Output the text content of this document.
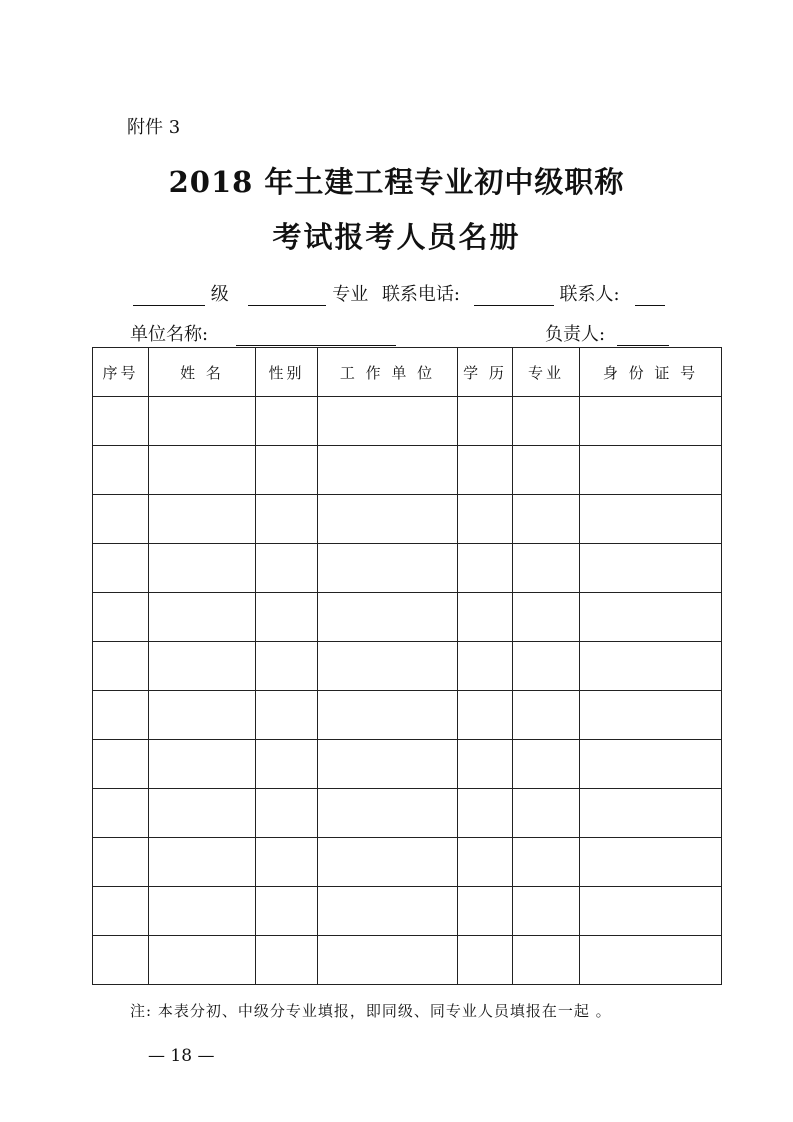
附件 3
2018 年土建工程专业初中级职称
考试报考人员名册
级	专业 联系电话:	联系人:
单位名称:	负责人:
序号	姓 名	性别	工 作 单 位	学 历	专业	身 份 证 号

注: 本表分初、中级分专业填报，即同级、同专业人员填报在一起 。
— 18 —
